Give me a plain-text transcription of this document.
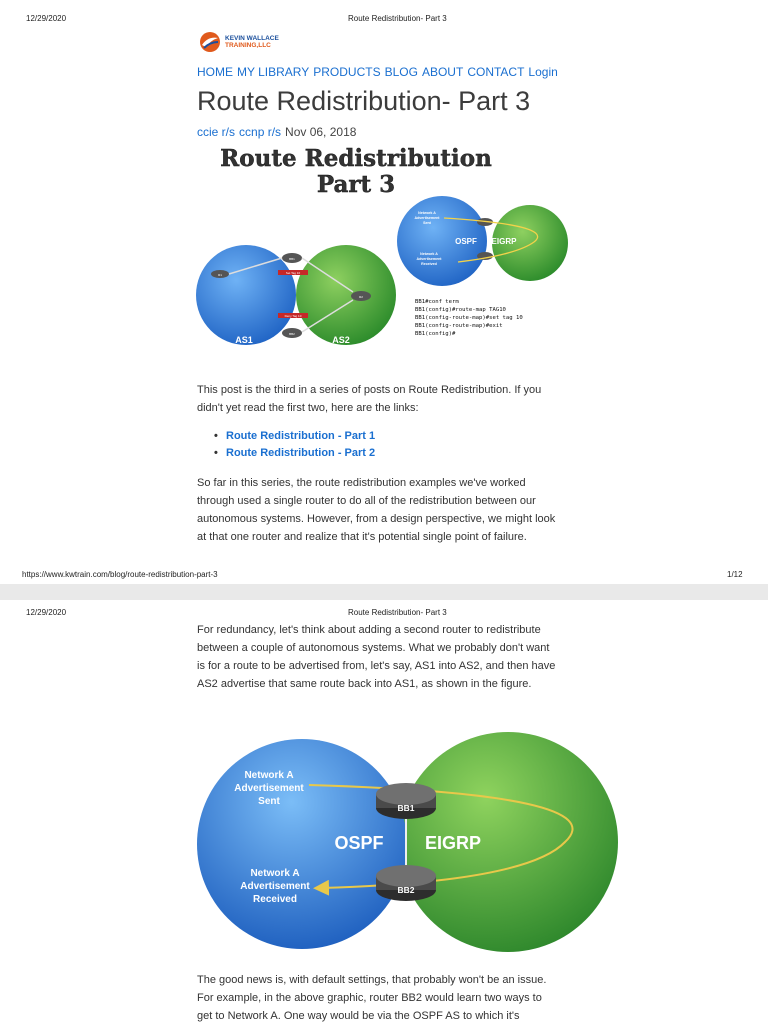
12/29/2020	Route Redistribution- Part 3
KEVIN WALLACE
TRAINING,LLC
HOME MY LIBRARY PRODUCTS BLOG ABOUT CONTACT Login
Route Redistribution- Part 3
ccie r/s ccnp r/s Nov 06, 2018
Route Redistribution
Part 3
R1
BB1
BB2
R2
Set Tag 10
Deny Tag 10
AS1	AS2
OSPF EIGRP
Network A
Advertisement
Sent
Network A
Advertisement
Received
BB1#conf term
BB1(config)#route-map TAG10
BB1(config-route-map)#set tag 10
BB1(config-route-map)#exit
BB1(config)#

This post is the third in a series of posts on Route Redistribution. If you didn't yet read the first two, here are the links:

• Route Redistribution - Part 1
• Route Redistribution - Part 2

So far in this series, the route redistribution examples we've worked through used a single router to do all of the redistribution between our autonomous systems. However, from a design perspective, we might look at that one router and realize that it's potential single point of failure.

https://www.kwtrain.com/blog/route-redistribution-part-3	1/12
12/29/2020	Route Redistribution- Part 3

For redundancy, let's think about adding a second router to redistribute between a couple of autonomous systems. What we probably don't want is for a route to be advertised from, let's say, AS1 into AS2, and then have AS2 advertise that same route back into AS1, as shown in the figure.

BB1
BB2
OSPF EIGRP
Network A
Advertisement
Sent
Network A
Advertisement
Received

The good news is, with default settings, that probably won't be an issue. For example, in the above graphic, router BB2 would learn two ways to get to Network A. One way would be via the OSPF AS to which it's
